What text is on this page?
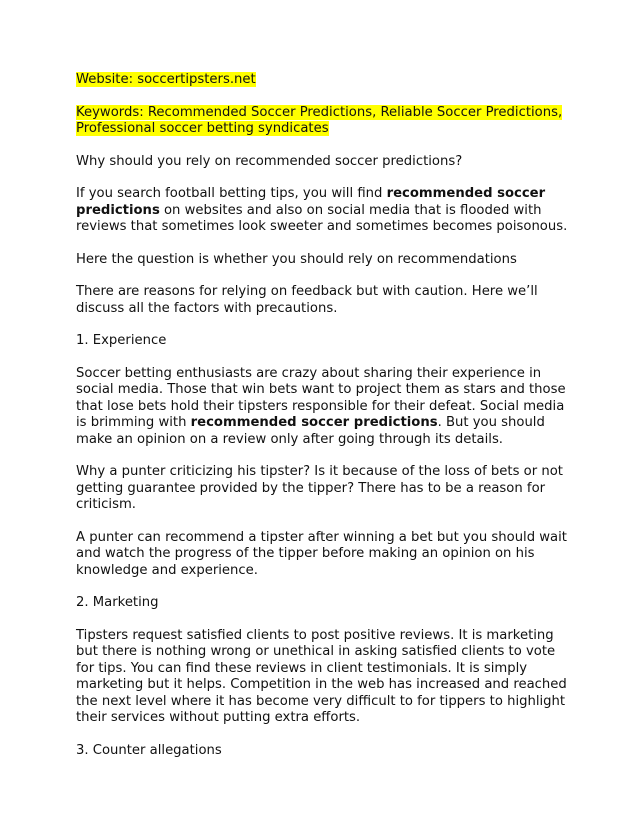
Website: soccertipsters.net

Keywords: Recommended Soccer Predictions, Reliable Soccer Predictions, Professional soccer betting syndicates

Why should you rely on recommended soccer predictions?

If you search football betting tips, you will find recommended soccer predictions on websites and also on social media that is flooded with reviews that sometimes look sweeter and sometimes becomes poisonous.

Here the question is whether you should rely on recommendations

There are reasons for relying on feedback but with caution. Here we’ll discuss all the factors with precautions.

1. Experience

Soccer betting enthusiasts are crazy about sharing their experience in social media. Those that win bets want to project them as stars and those that lose bets hold their tipsters responsible for their defeat. Social media is brimming with recommended soccer predictions. But you should make an opinion on a review only after going through its details.

Why a punter criticizing his tipster? Is it because of the loss of bets or not getting guarantee provided by the tipper? There has to be a reason for criticism.

A punter can recommend a tipster after winning a bet but you should wait and watch the progress of the tipper before making an opinion on his knowledge and experience.

2. Marketing

Tipsters request satisfied clients to post positive reviews. It is marketing but there is nothing wrong or unethical in asking satisfied clients to vote for tips. You can find these reviews in client testimonials. It is simply marketing but it helps. Competition in the web has increased and reached the next level where it has become very difficult to for tippers to highlight their services without putting extra efforts.

3. Counter allegations
